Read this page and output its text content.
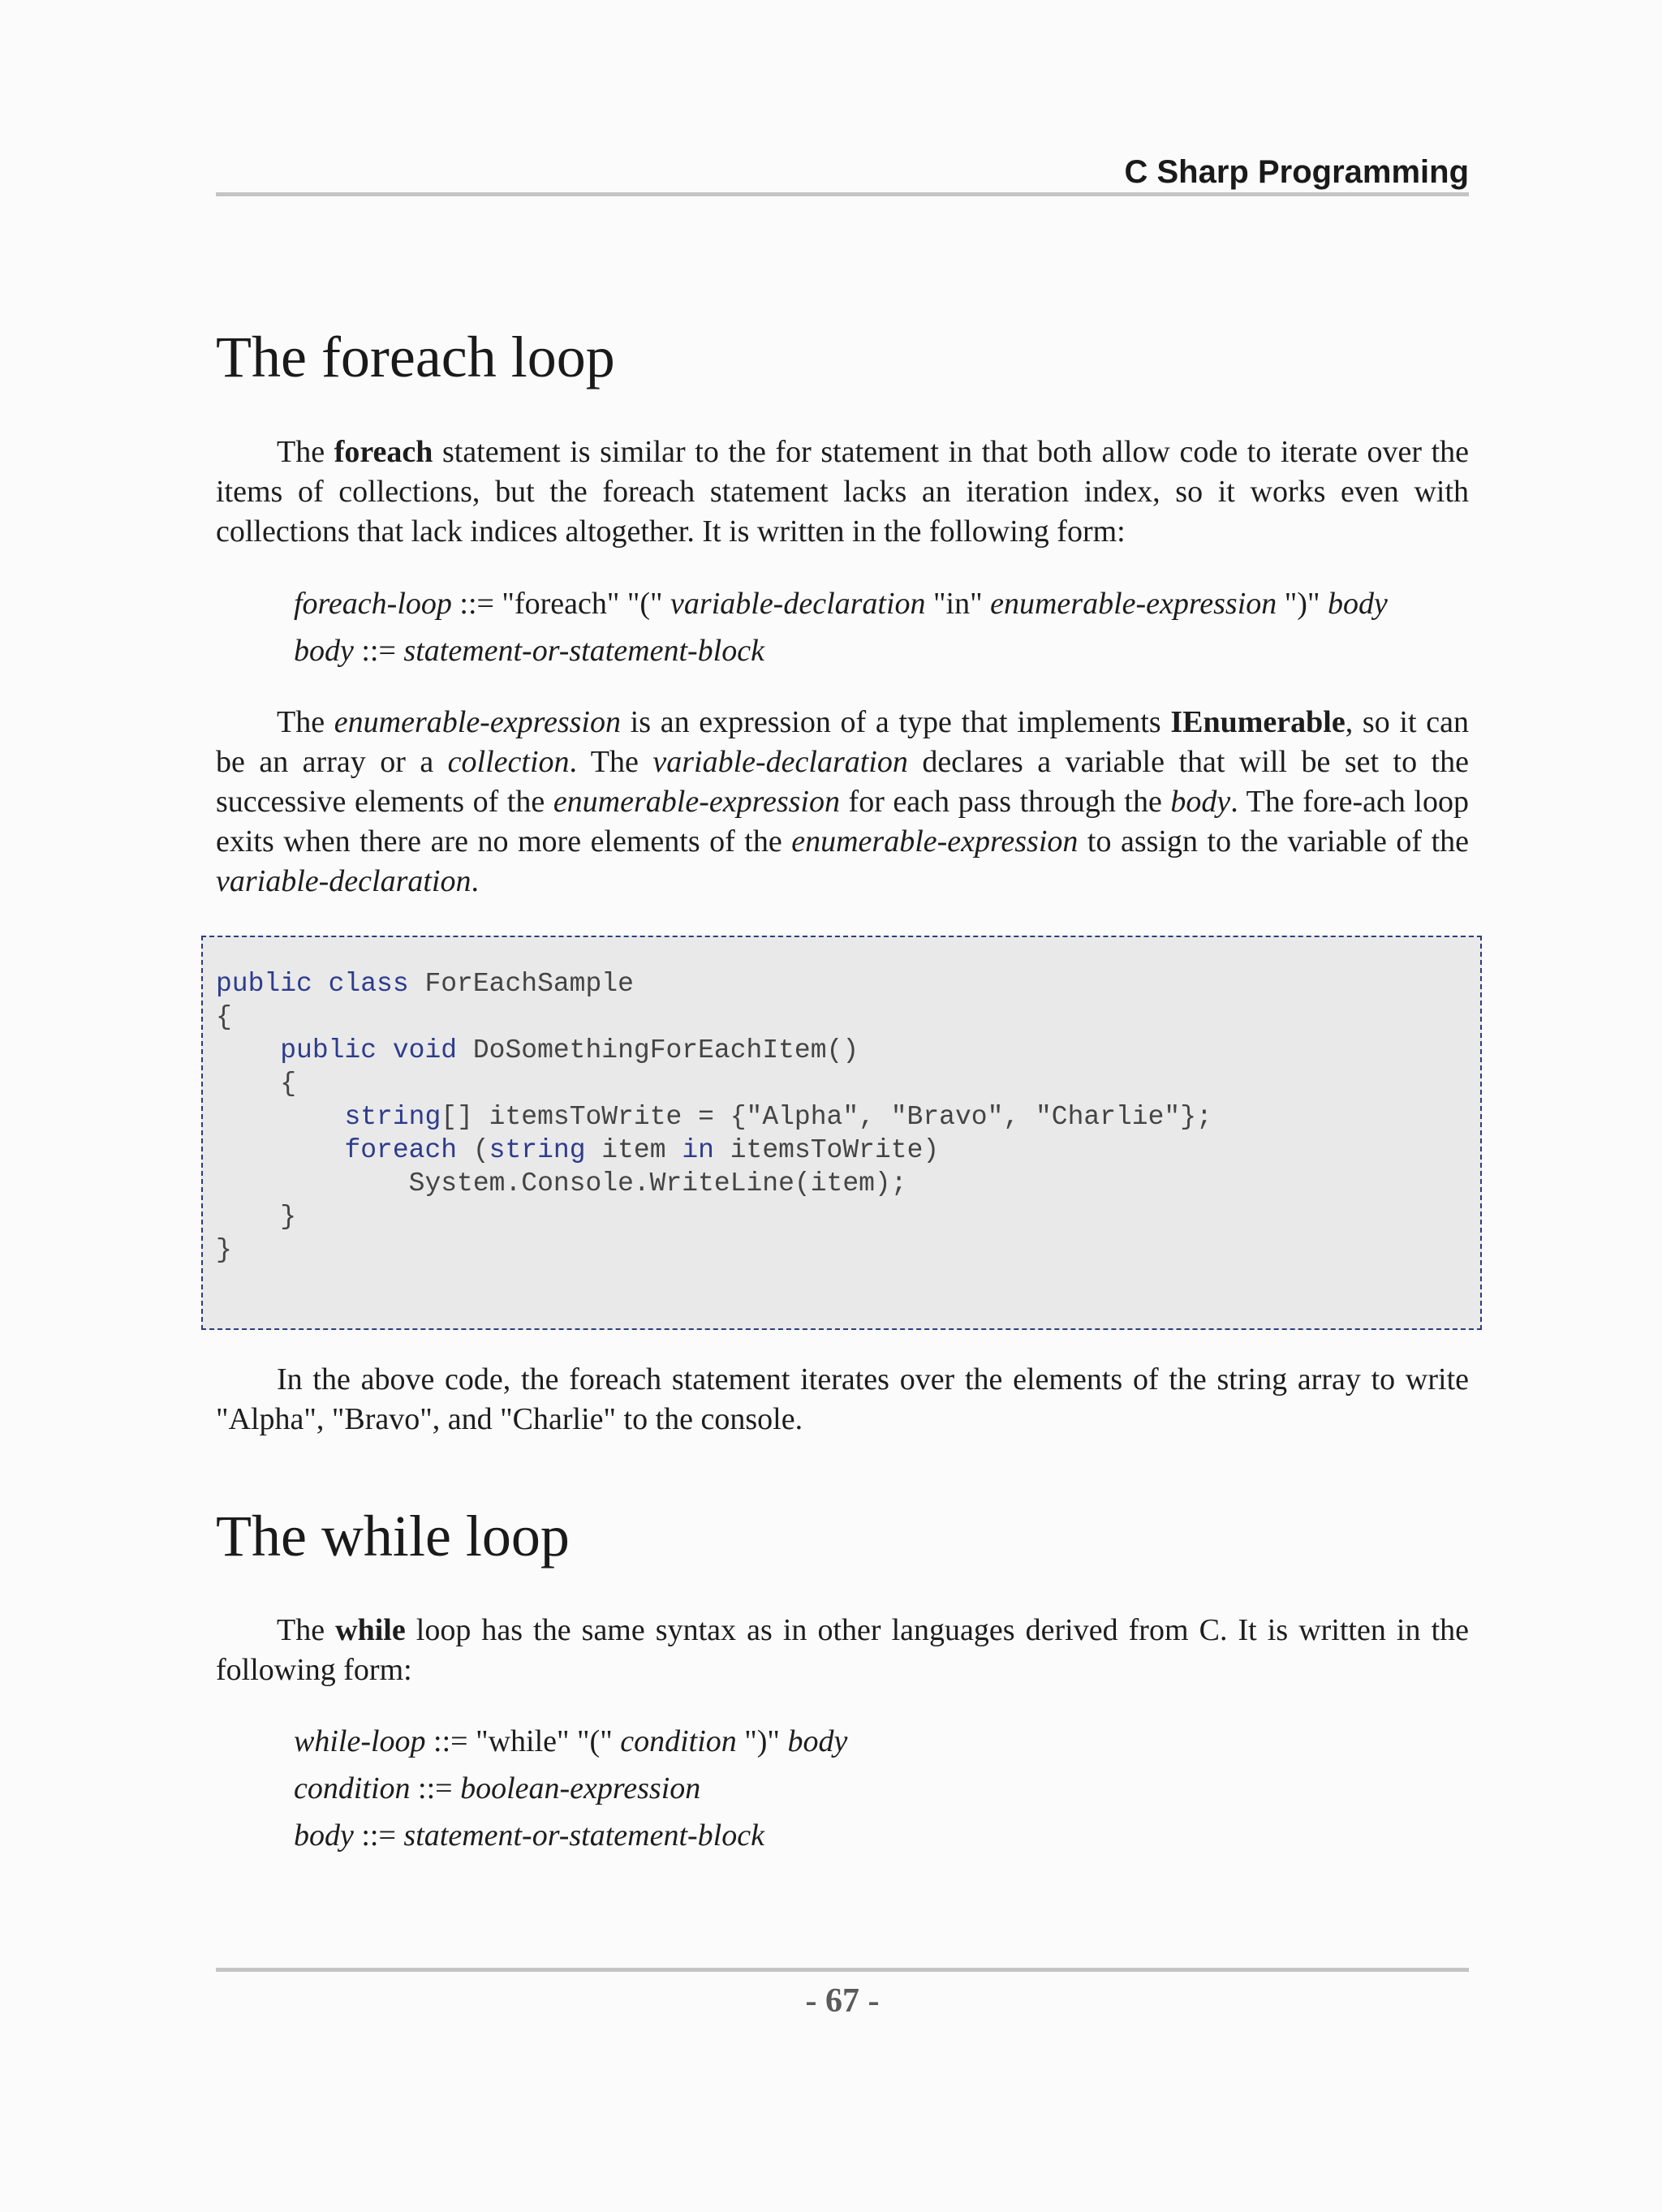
C Sharp Programming
The foreach loop

The foreach statement is similar to the for statement in that both allow code to iterate over the items of collections, but the foreach statement lacks an iteration index, so it works even with collections that lack indices altogether. It is written in the following form:

foreach-loop ::= "foreach" "(" variable-declaration "in" enumerable-expression ")" body
body ::= statement-or-statement-block

The enumerable-expression is an expression of a type that implements IEnumerable, so it can be an array or a collection. The variable-declaration declares a variable that will be set to the successive elements of the enumerable-expression for each pass through the body. The fore-ach loop exits when there are no more elements of the enumerable-expression to assign to the variable of the variable-declaration.

public class ForEachSample
{
public void DoSomethingForEachItem()
{
string[] itemsToWrite = {"Alpha", "Bravo", "Charlie"};
foreach (string item in itemsToWrite)
System.Console.WriteLine(item);
}
}

In the above code, the foreach statement iterates over the elements of the string array to write "Alpha", "Bravo", and "Charlie" to the console.

The while loop

The while loop has the same syntax as in other languages derived from C. It is written in the following form:

while-loop ::= "while" "(" condition ")" body
condition ::= boolean-expression
body ::= statement-or-statement-block
- 67 -
